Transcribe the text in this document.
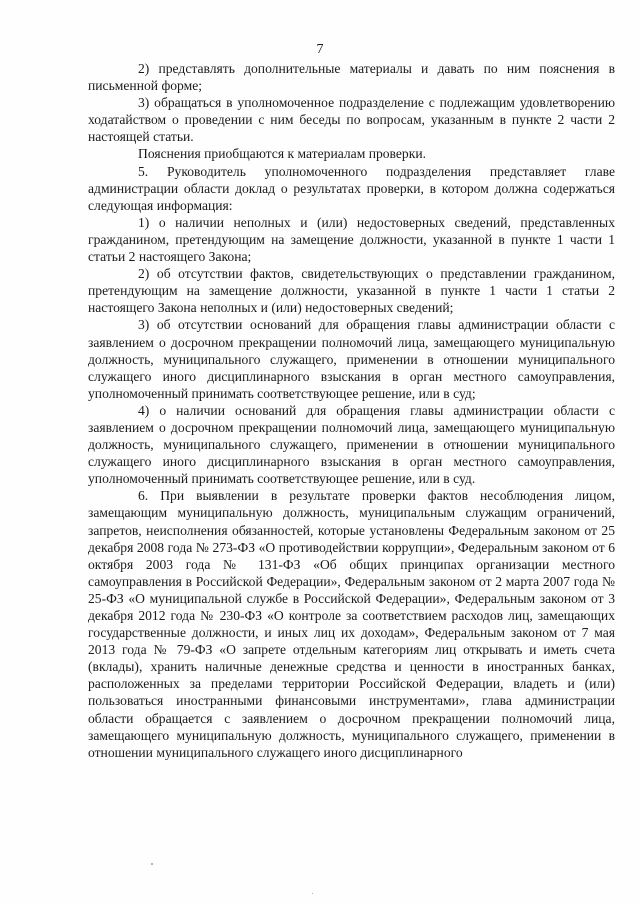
7

2) представлять дополнительные материалы и давать по ним пояснения в письменной форме;

3) обращаться в уполномоченное подразделение с подлежащим удовлетворению ходатайством о проведении с ним беседы по вопросам, указанным в пункте 2 части 2 настоящей статьи.

Пояснения приобщаются к материалам проверки.

5. Руководитель уполномоченного подразделения представляет главе администрации области доклад о результатах проверки, в котором должна содержаться следующая информация:

1) о наличии неполных и (или) недостоверных сведений, представленных гражданином, претендующим на замещение должности, указанной в пункте 1 части 1 статьи 2 настоящего Закона;

2) об отсутствии фактов, свидетельствующих о представлении гражданином, претендующим на замещение должности, указанной в пункте 1 части 1 статьи 2 настоящего Закона неполных и (или) недостоверных сведений;

3) об отсутствии оснований для обращения главы администрации области с заявлением о досрочном прекращении полномочий лица, замещающего муниципальную должность, муниципального служащего, применении в отношении муниципального служащего иного дисциплинарного взыскания в орган местного самоуправления, уполномоченный принимать соответствующее решение, или в суд;

4) о наличии оснований для обращения главы администрации области с заявлением о досрочном прекращении полномочий лица, замещающего муниципальную должность, муниципального служащего, применении в отношении муниципального служащего иного дисциплинарного взыскания в орган местного самоуправления, уполномоченный принимать соответствующее решение, или в суд.

6. При выявлении в результате проверки фактов несоблюдения лицом, замещающим муниципальную должность, муниципальным служащим ограничений, запретов, неисполнения обязанностей, которые установлены Федеральным законом от 25 декабря 2008 года № 273-ФЗ «О противодействии коррупции», Федеральным законом от 6 октября 2003 года № 131-ФЗ «Об общих принципах организации местного самоуправления в Российской Федерации», Федеральным законом от 2 марта 2007 года № 25-ФЗ «О муниципальной службе в Российской Федерации», Федеральным законом от 3 декабря 2012 года № 230-ФЗ «О контроле за соответствием расходов лиц, замещающих государственные должности, и иных лиц их доходам», Федеральным законом от 7 мая 2013 года № 79-ФЗ «О запрете отдельным категориям лиц открывать и иметь счета (вклады), хранить наличные денежные средства и ценности в иностранных банках, расположенных за пределами территории Российской Федерации, владеть и (или) пользоваться иностранными финансовыми инструментами», глава администрации области обращается с заявлением о досрочном прекращении полномочий лица, замещающего муниципальную должность, муниципального служащего, применении в отношении муниципального служащего иного дисциплинарного
